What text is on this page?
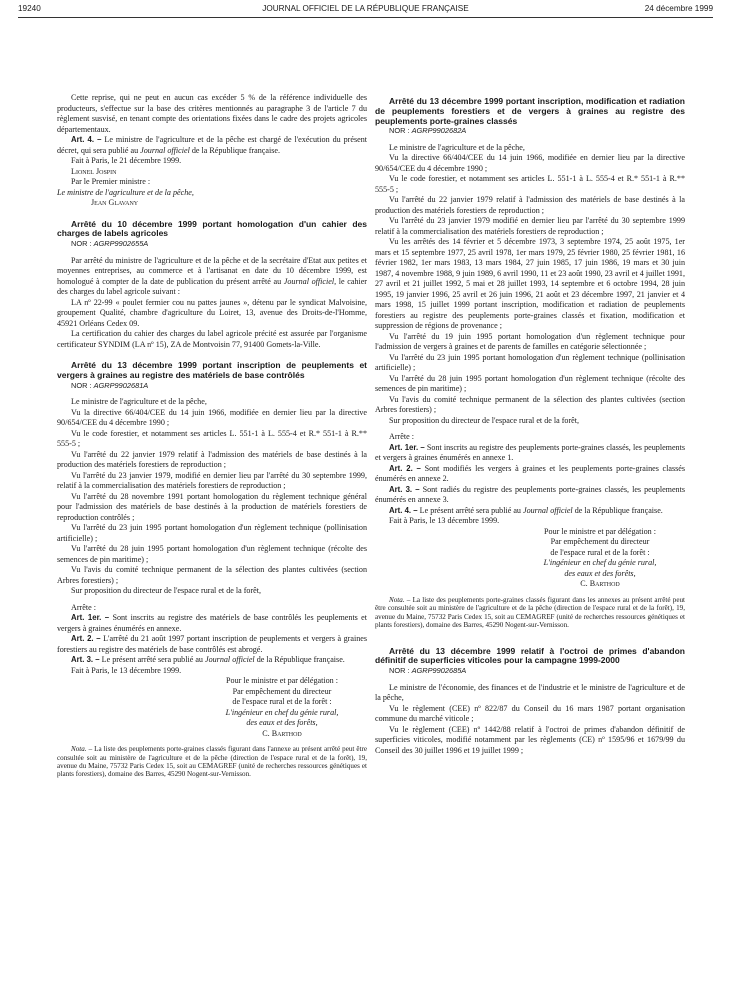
19240	JOURNAL OFFICIEL DE LA RÉPUBLIQUE FRANÇAISE	24 décembre 1999

Cette reprise, qui ne peut en aucun cas excéder 5 % de la référence individuelle des producteurs, s'effectue sur la base des critères mentionnés au paragraphe 3 de l'article 7 du règlement susvisé, en tenant compte des orientations fixées dans le cadre des projets agricoles départementaux.

Art. 4. – Le ministre de l'agriculture et de la pêche est chargé de l'exécution du présent décret, qui sera publié au Journal officiel de la République française.

Fait à Paris, le 21 décembre 1999.

Lionel Jospin

Par le Premier ministre :

Le ministre de l'agriculture et de la pêche,

Jean Glavany

Arrêté du 10 décembre 1999 portant homologation d'un cahier des charges de labels agricoles

NOR : AGRP9902655A

Par arrêté du ministre de l'agriculture et de la pêche et de la secrétaire d'Etat aux petites et moyennes entreprises, au commerce et à l'artisanat en date du 10 décembre 1999, est homologué à compter de la date de publication du présent arrêté au Journal officiel, le cahier des charges du label agricole suivant :

LA nº 22-99 « poulet fermier cou nu pattes jaunes », détenu par le syndicat Malvoisine, groupement Qualité, chambre d'agriculture du Loiret, 13, avenue des Droits-de-l'Homme, 45921 Orléans Cedex 09.

La certification du cahier des charges du label agricole précité est assurée par l'organisme certificateur SYNDIM (LA nº 15), ZA de Montvoisin 77, 91400 Gomets-la-Ville.

Arrêté du 13 décembre 1999 portant inscription de peuplements et vergers à graines au registre des matériels de base contrôlés

NOR : AGRP9902681A

Le ministre de l'agriculture et de la pêche,

Vu la directive 66/404/CEE du 14 juin 1966, modifiée en dernier lieu par la directive 90/654/CEE du 4 décembre 1990 ;

Vu le code forestier, et notamment ses articles L. 551-1 à L. 555-4 et R.* 551-1 à R.** 555-5 ;

Vu l'arrêté du 22 janvier 1979 relatif à l'admission des matériels de base destinés à la production des matériels forestiers de reproduction ;

Vu l'arrêté du 23 janvier 1979, modifié en dernier lieu par l'arrêté du 30 septembre 1999, relatif à la commercialisation des matériels forestiers de reproduction ;

Vu l'arrêté du 28 novembre 1991 portant homologation du règlement technique général pour l'admission des matériels de base destinés à la production de matériels forestiers de reproduction contrôlés ;

Vu l'arrêté du 23 juin 1995 portant homologation d'un règlement technique (pollinisation artificielle) ;

Vu l'arrêté du 28 juin 1995 portant homologation d'un règlement technique (récolte des semences de pin maritime) ;

Vu l'avis du comité technique permanent de la sélection des plantes cultivées (section Arbres forestiers) ;

Sur proposition du directeur de l'espace rural et de la forêt,

Arrête :

Art. 1er. – Sont inscrits au registre des matériels de base contrôlés les peuplements et vergers à graines énumérés en annexe.

Art. 2. – L'arrêté du 21 août 1997 portant inscription de peuplements et vergers à graines forestiers au registre des matériels de base contrôlés est abrogé.

Art. 3. – Le présent arrêté sera publié au Journal officiel de la République française.

Fait à Paris, le 13 décembre 1999.

Pour le ministre et par délégation :
Par empêchement du directeur
de l'espace rural et de la forêt :
L'ingénieur en chef du génie rural,
des eaux et des forêts,
C. Barthod

Nota. – La liste des peuplements porte-graines classés figurant dans l'annexe au présent arrêté peut être consultée soit au ministère de l'agriculture et de la pêche (direction de l'espace rural et de la forêt), 19, avenue du Maine, 75732 Paris Cedex 15, soit au CEMAGREF (unité de recherches ressources génétiques et plants forestiers), domaine des Barres, 45290 Nogent-sur-Vernisson.

Arrêté du 13 décembre 1999 portant inscription, modification et radiation de peuplements forestiers et de vergers à graines au registre des peuplements porte-graines classés

NOR : AGRP9902682A

Le ministre de l'agriculture et de la pêche,

Vu la directive 66/404/CEE du 14 juin 1966, modifiée en dernier lieu par la directive 90/654/CEE du 4 décembre 1990 ;

Vu le code forestier, et notamment ses articles L. 551-1 à L. 555-4 et R.* 551-1 à R.** 555-5 ;

Vu l'arrêté du 22 janvier 1979 relatif à l'admission des matériels de base destinés à la production des matériels forestiers de reproduction ;

Vu l'arrêté du 23 janvier 1979 modifié en dernier lieu par l'arrêté du 30 septembre 1999 relatif à la commercialisation des matériels forestiers de reproduction ;

Vu les arrêtés des 14 février et 5 décembre 1973, 3 septembre 1974, 25 août 1975, 1er mars et 15 septembre 1977, 25 avril 1978, 1er mars 1979, 25 février 1980, 25 février 1981, 16 février 1982, 1er mars 1983, 13 mars 1984, 27 juin 1985, 17 juin 1986, 19 mars et 30 juin 1987, 4 novembre 1988, 9 juin 1989, 6 avril 1990, 11 et 23 août 1990, 23 avril et 4 juillet 1991, 27 avril et 21 juillet 1992, 5 mai et 28 juillet 1993, 14 septembre et 6 octobre 1994, 28 juin 1995, 19 janvier 1996, 25 avril et 26 juin 1996, 21 août et 23 décembre 1997, 21 janvier et 4 mars 1998, 15 juillet 1999 portant inscription, modification et radiation de peuplements forestiers au registre des peuplements porte-graines classés et fixation, modification et suppression de régions de provenance ;

Vu l'arrêté du 19 juin 1995 portant homologation d'un règlement technique pour l'admission de vergers à graines et de parents de familles en catégorie sélectionnée ;

Vu l'arrêté du 23 juin 1995 portant homologation d'un règlement technique (pollinisation artificielle) ;

Vu l'arrêté du 28 juin 1995 portant homologation d'un règlement technique (récolte des semences de pin maritime) ;

Vu l'avis du comité technique permanent de la sélection des plantes cultivées (section Arbres forestiers) ;

Sur proposition du directeur de l'espace rural et de la forêt,

Arrête :

Art. 1er. – Sont inscrits au registre des peuplements porte-graines classés, les peuplements et vergers à graines énumérés en annexe 1.

Art. 2. – Sont modifiés les vergers à graines et les peuplements porte-graines classés énumérés en annexe 2.

Art. 3. – Sont radiés du registre des peuplements porte-graines classés, les peuplements énumérés en annexe 3.

Art. 4. – Le présent arrêté sera publié au Journal officiel de la République française.

Fait à Paris, le 13 décembre 1999.

Pour le ministre et par délégation :
Par empêchement du directeur
de l'espace rural et de la forêt :
L'ingénieur en chef du génie rural,
des eaux et des forêts,
C. Barthod

Nota. – La liste des peuplements porte-graines classés figurant dans les annexes au présent arrêté peut être consultée soit au ministère de l'agriculture et de la pêche (direction de l'espace rural et de la forêt), 19, avenue du Maine, 75732 Paris Cedex 15, soit au CEMAGREF (unité de recherches ressources génétiques et plants forestiers), domaine des Barres, 45290 Nogent-sur-Vernisson.

Arrêté du 13 décembre 1999 relatif à l'octroi de primes d'abandon définitif de superficies viticoles pour la campagne 1999-2000

NOR : AGRP9902685A

Le ministre de l'économie, des finances et de l'industrie et le ministre de l'agriculture et de la pêche,

Vu le règlement (CEE) nº 822/87 du Conseil du 16 mars 1987 portant organisation commune du marché viticole ;

Vu le règlement (CEE) nº 1442/88 relatif à l'octroi de primes d'abandon définitif de superficies viticoles, modifié notamment par les règlements (CE) nº 1595/96 et 1679/99 du Conseil des 30 juillet 1996 et 19 juillet 1999 ;
